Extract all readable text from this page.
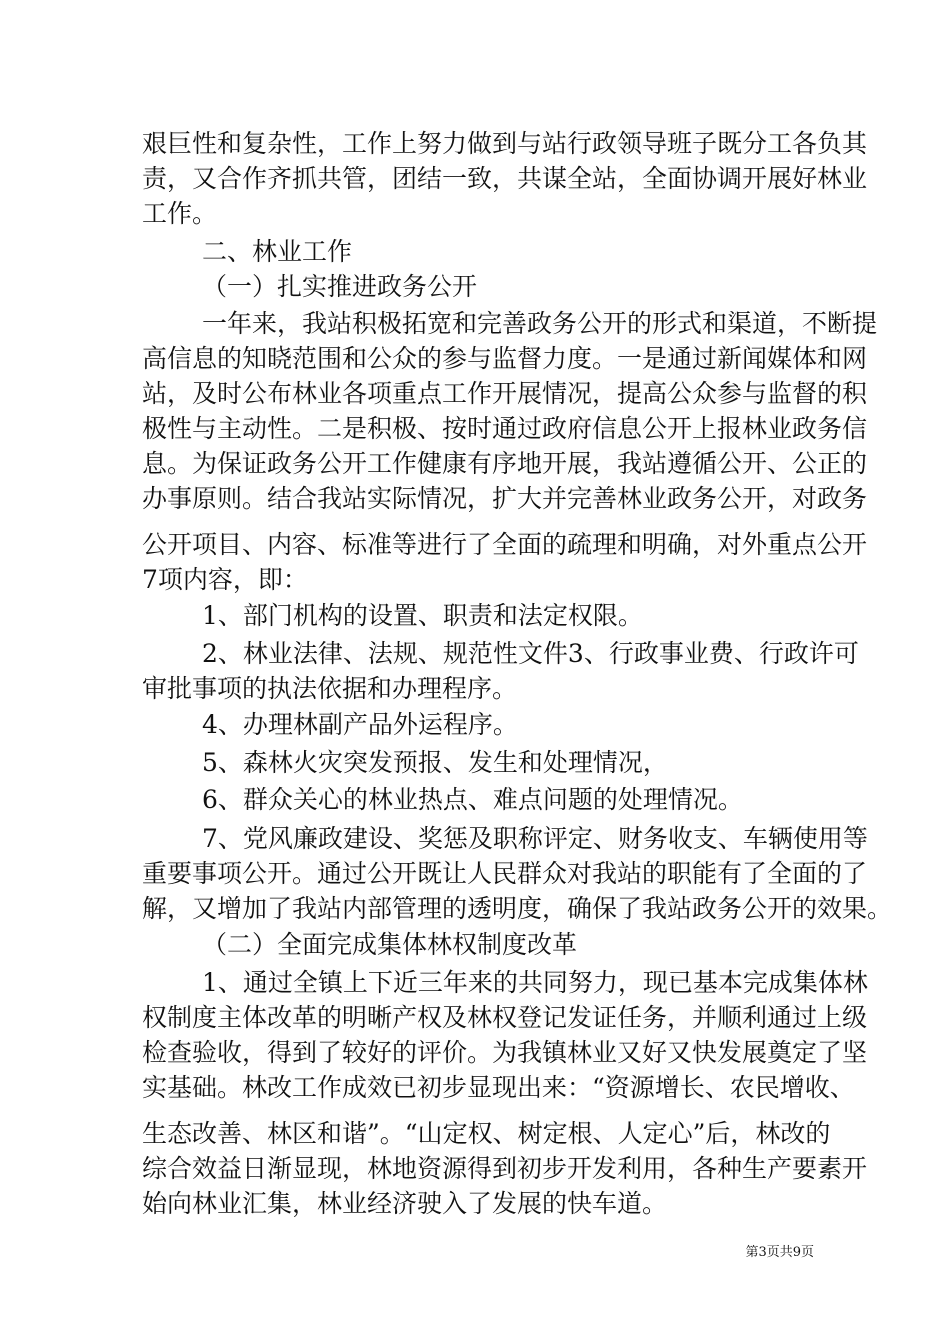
艰巨性和复杂性，工作上努力做到与站行政领导班子既分工各负其
责，又合作齐抓共管，团结一致，共谋全站，全面协调开展好林业
工作。
二、林业工作
（一）扎实推进政务公开
一年来，我站积极拓宽和完善政务公开的形式和渠道，不断提
高信息的知晓范围和公众的参与监督力度。一是通过新闻媒体和网
站，及时公布林业各项重点工作开展情况，提高公众参与监督的积
极性与主动性。二是积极、按时通过政府信息公开上报林业政务信
息。为保证政务公开工作健康有序地开展，我站遵循公开、公正的
办事原则。结合我站实际情况，扩大并完善林业政务公开，对政务
公开项目、内容、标准等进行了全面的疏理和明确，对外重点公开
7项内容，即：
1、部门机构的设置、职责和法定权限。
2、林业法律、法规、规范性文件3、行政事业费、行政许可
审批事项的执法依据和办理程序。
4、办理林副产品外运程序。
5、森林火灾突发预报、发生和处理情况，
6、群众关心的林业热点、难点问题的处理情况。
7、党风廉政建设、奖惩及职称评定、财务收支、车辆使用等
重要事项公开。通过公开既让人民群众对我站的职能有了全面的了
解，又增加了我站内部管理的透明度，确保了我站政务公开的效果。
（二）全面完成集体林权制度改革
1、通过全镇上下近三年来的共同努力，现已基本完成集体林
权制度主体改革的明晰产权及林权登记发证任务，并顺利通过上级
检查验收，得到了较好的评价。为我镇林业又好又快发展奠定了坚
实基础。林改工作成效已初步显现出来：“资源增长、农民增收、
生态改善、林区和谐”。“山定权、树定根、人定心”后，林改的
综合效益日渐显现，林地资源得到初步开发利用，各种生产要素开
始向林业汇集，林业经济驶入了发展的快车道。
第3页共9页
